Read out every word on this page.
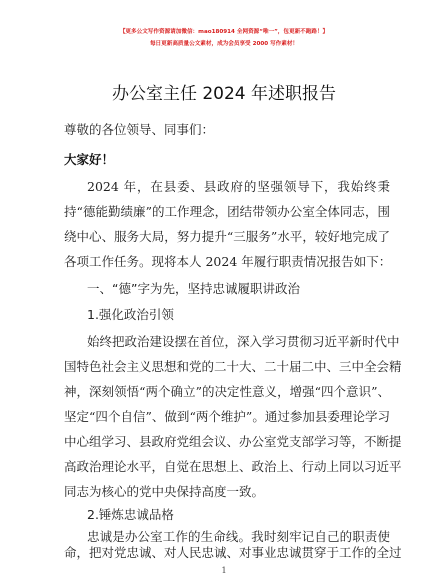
【更多公文写作资源请加微信：mao180914 全网资源“唯一”，包更新不跑路！】
每日更新高质量公文素材，成为会员享受 2000 写作素材！
办公室主任 2024 年述职报告
尊敬的各位领导、同事们：
大家好！
2024 年，在县委、县政府的坚强领导下，我始终秉
持“德能勤绩廉”的工作理念，团结带领办公室全体同志，围
绕中心、服务大局，努力提升“三服务”水平，较好地完成了
各项工作任务。现将本人 2024 年履行职责情况报告如下：
一、“德”字为先，坚持忠诚履职讲政治
1.强化政治引领
始终把政治建设摆在首位，深入学习贯彻习近平新时代中
国特色社会主义思想和党的二十大、二十届二中、三中全会精
神，深刻领悟“两个确立”的决定性意义，增强“四个意识”、
坚定“四个自信”、做到“两个维护”。通过参加县委理论学习
中心组学习、县政府党组会议、办公室党支部学习等，不断提
高政治理论水平，自觉在思想上、政治上、行动上同以习近平
同志为核心的党中央保持高度一致。
2.锤炼忠诚品格
忠诚是办公室工作的生命线。我时刻牢记自己的职责使
命，把对党忠诚、对人民忠诚、对事业忠诚贯穿于工作的全过
1
